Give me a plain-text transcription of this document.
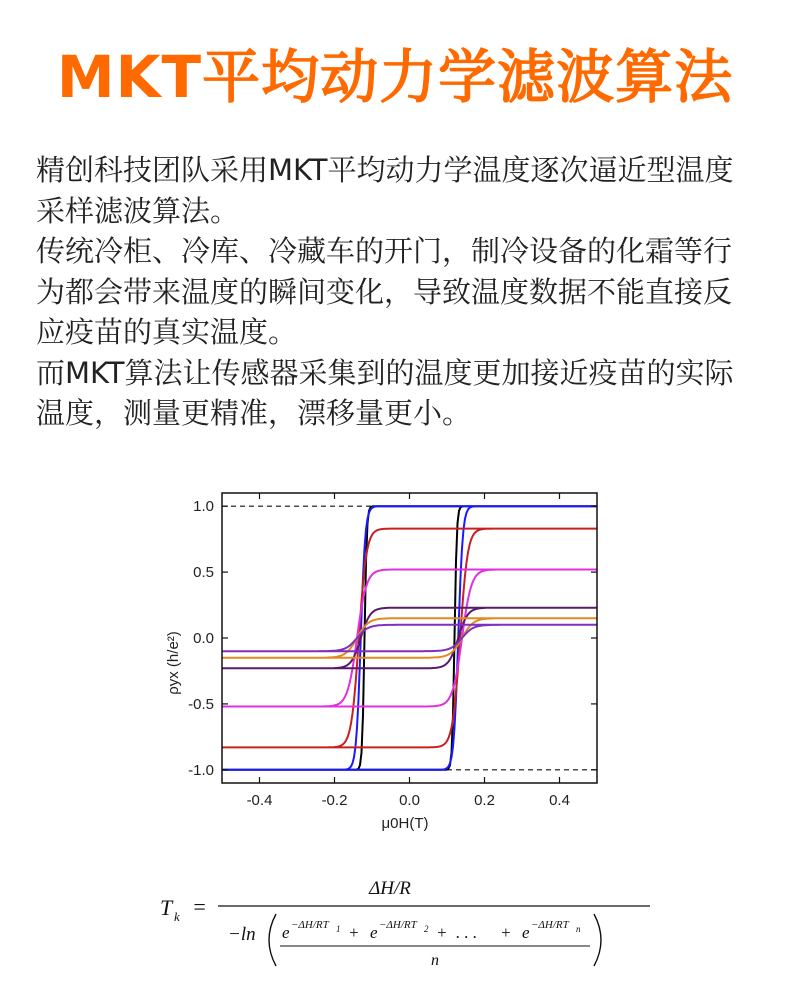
MKT平均动力学滤波算法

精创科技团队采用MKT平均动力学温度逐次逼近型温度采样滤波算法。

传统冷柜、冷库、冷藏车的开门，制冷设备的化霜等行为都会带来温度的瞬间变化，导致温度数据不能直接反应疫苗的真实温度。

而MKT算法让传感器采集到的温度更加接近疫苗的实际温度，测量更精准，漂移量更小。

-0.4	-0.2	0.0	0.2	0.4
1.0
0.5
0.0
-0.5
-1.0
ρyx (h/e²)
μ0H(T)
T k =
ΔH/R
−ln e −ΔH/RT 1 + e −ΔH/RT 2 + . . . + e −ΔH/RT n
n
